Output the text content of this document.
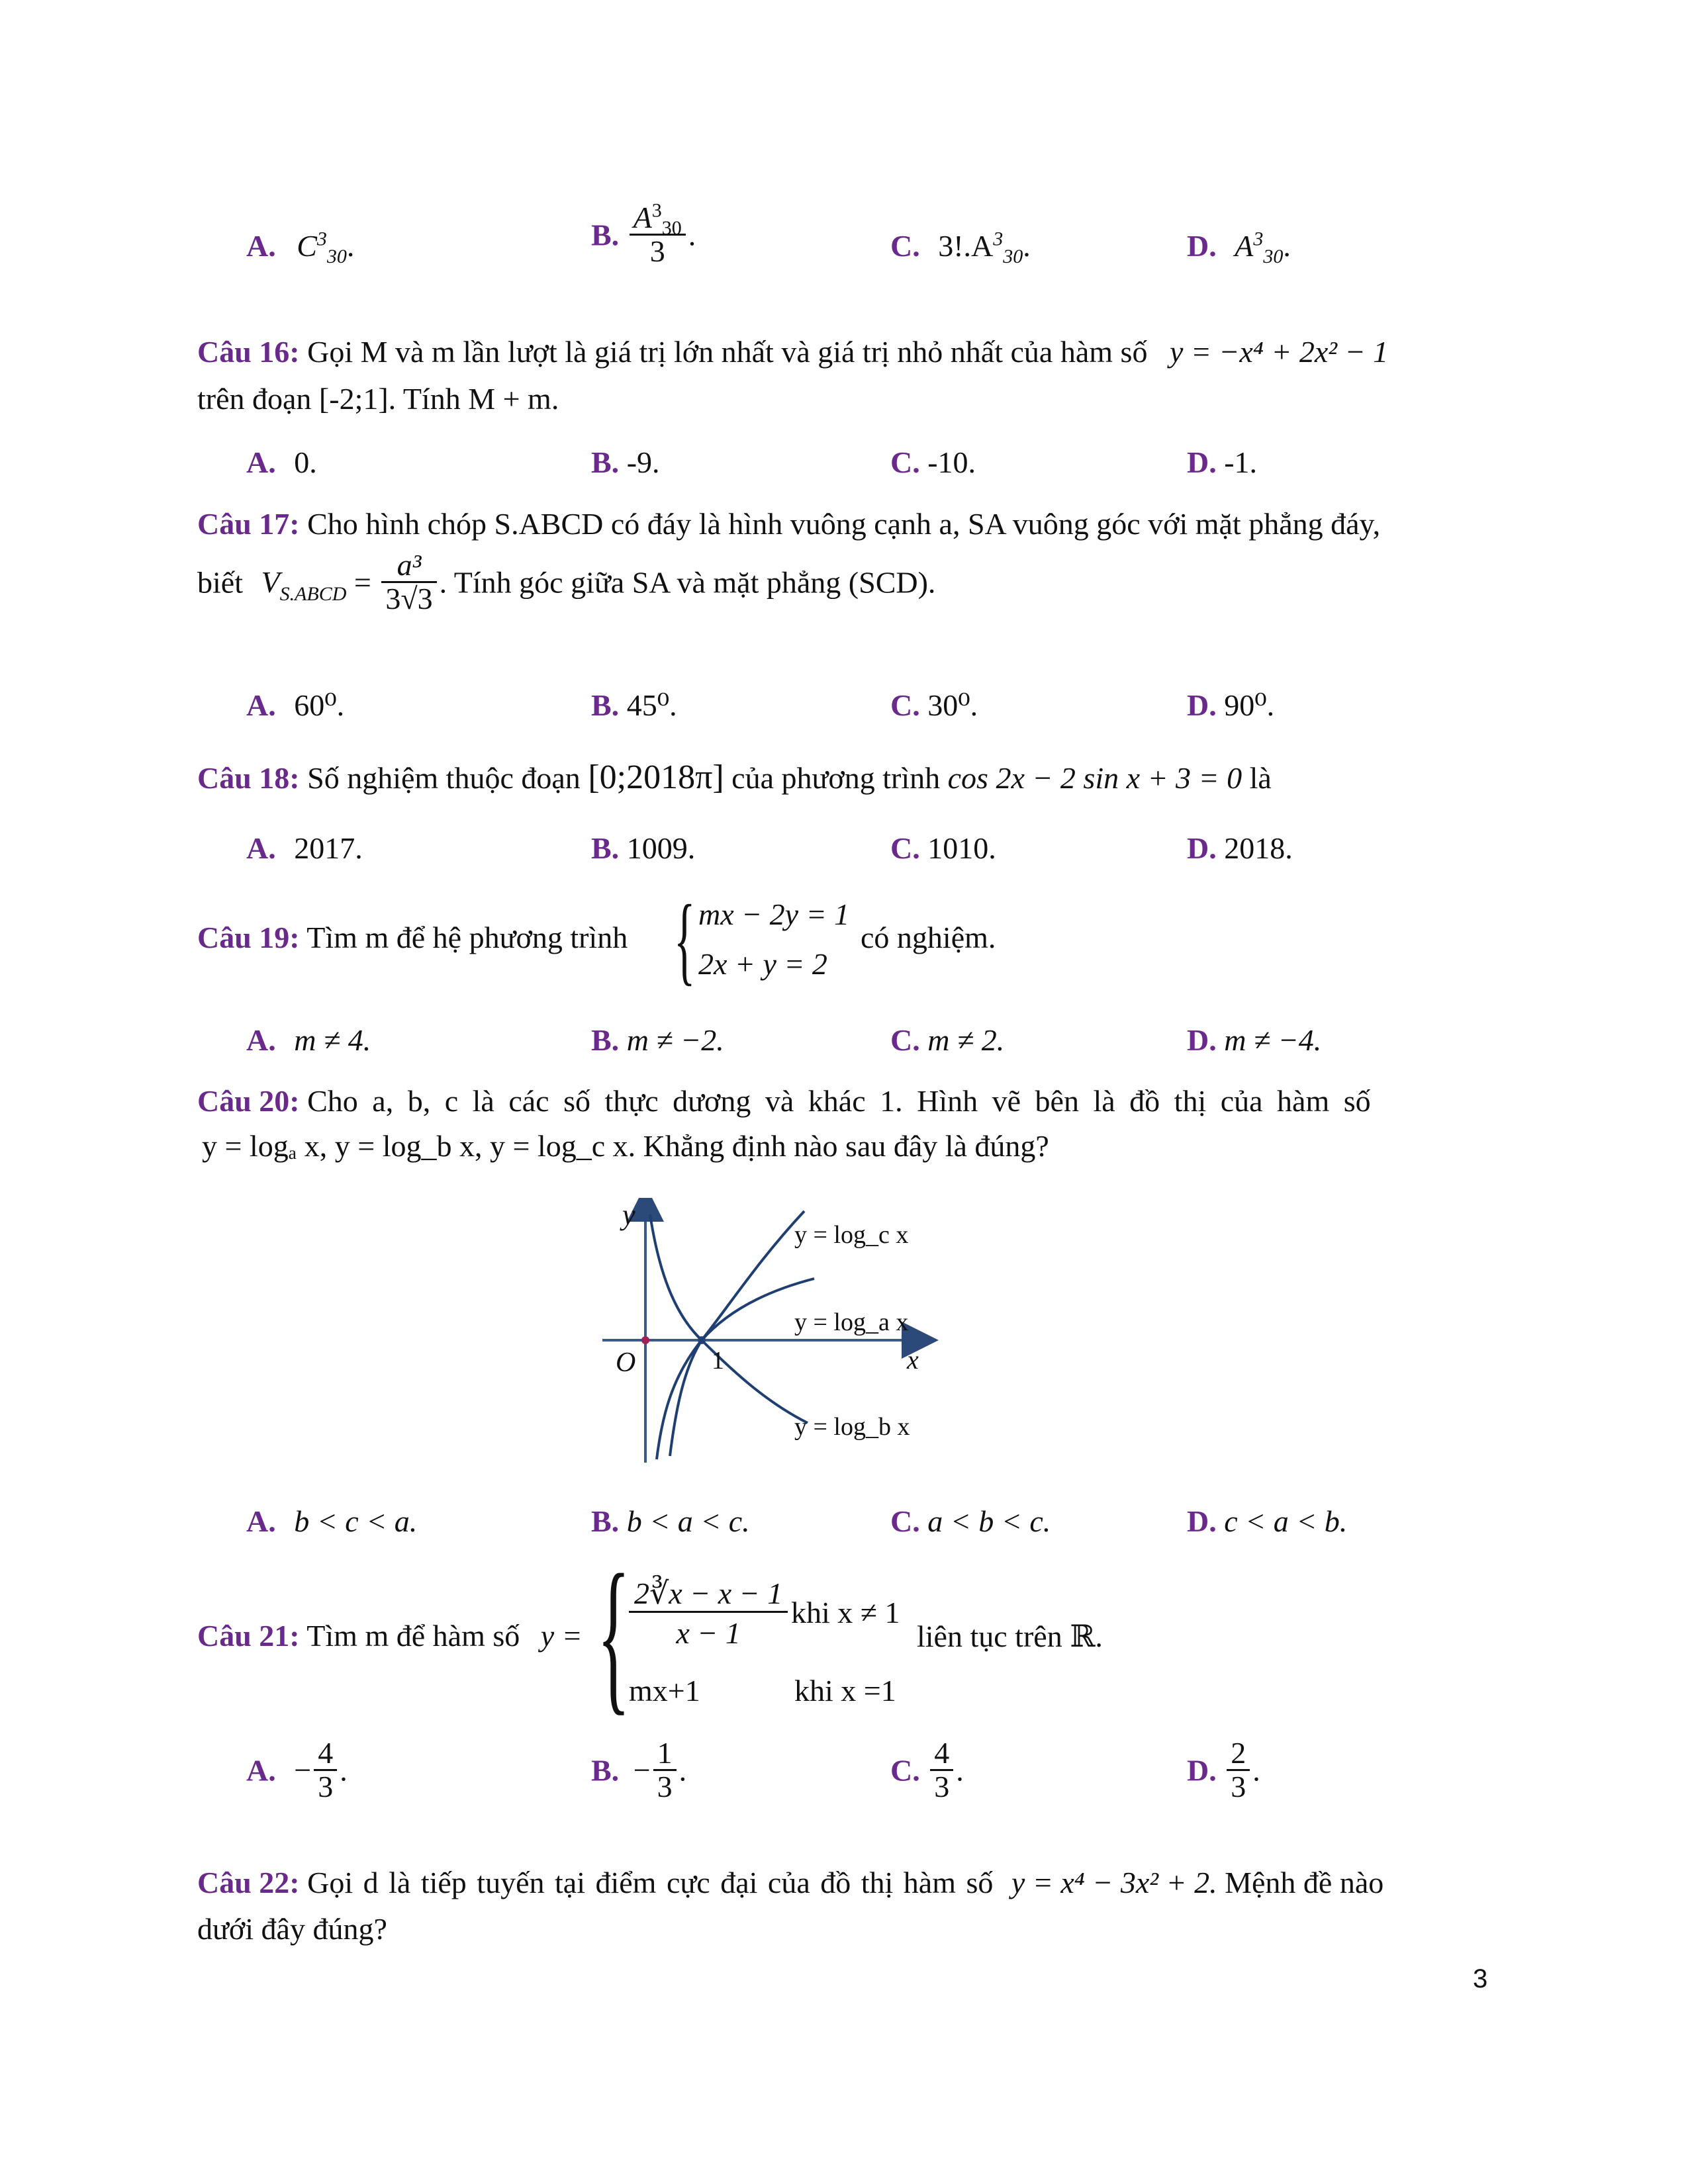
A. $C^3_{30}$.	B. $\frac{A^3_{30}}{3}$ .	C. $3!.A^3_{30}$.	D. $A^3_{30}$.
Câu 16: Gọi M và m lần lượt là giá trị lớn nhất và giá trị nhỏ nhất của hàm số y = −x⁴ + 2x² − 1
trên đoạn [-2;1]. Tính M + m.
A. 0.	B. -9.	C. -10.	D. -1.
Câu 17: Cho hình chóp S.ABCD có đáy là hình vuông cạnh a, SA vuông góc với mặt phẳng đáy,
biết $V_{S.ABCD} = \frac{\text{a³}}{3√3}$ . Tính góc giữa SA và mặt phẳng (SCD).
A. 60⁰.	B. 45⁰.	C. 30⁰.	D. 90⁰.
Câu 18: Số nghiệm thuộc đoạn [0;2018π] của phương trình cos 2x − 2 sin x + 3 = 0 là
A. 2017.	B. 1009.	C. 1010.	D. 2018.
Câu 19: Tìm m để hệ phương trình { mx − 2y = 1
2x + y = 2
có nghiệm.
A. m ≠ 4.	B. m ≠ −2.	C. m ≠ 2.	D. m ≠ −4.
Câu 20: Cho a, b, c là các số thực dương và khác 1. Hình vẽ bên là đồ thị của hàm số
y = logₐ x, y = log_b x, y = log_c x. Khẳng định nào sau đây là đúng?
y
x
O	1
y = log_c x
y = log_a x
y = log_b x
A. b < c < a.	B. b < a < c.	C. a < b < c.	D. c < a < b.
Câu 21: Tìm m để hàm số y = {
$\frac{2∛x - x - 1}{x - 1}$ khi x ≠ 1
mx+1	khi x =1
liên tục trên ℝ.
A. − $\frac{4}{3}$ .	B. − $\frac{1}{3}$ .	C. $\frac{4}{3}$ .	D. $\frac{2}{3}$ .
Câu 22: Gọi d là tiếp tuyến tại điểm cực đại của đồ thị hàm số y = x⁴ − 3x² + 2. Mệnh đề nào
dưới đây đúng?
3
